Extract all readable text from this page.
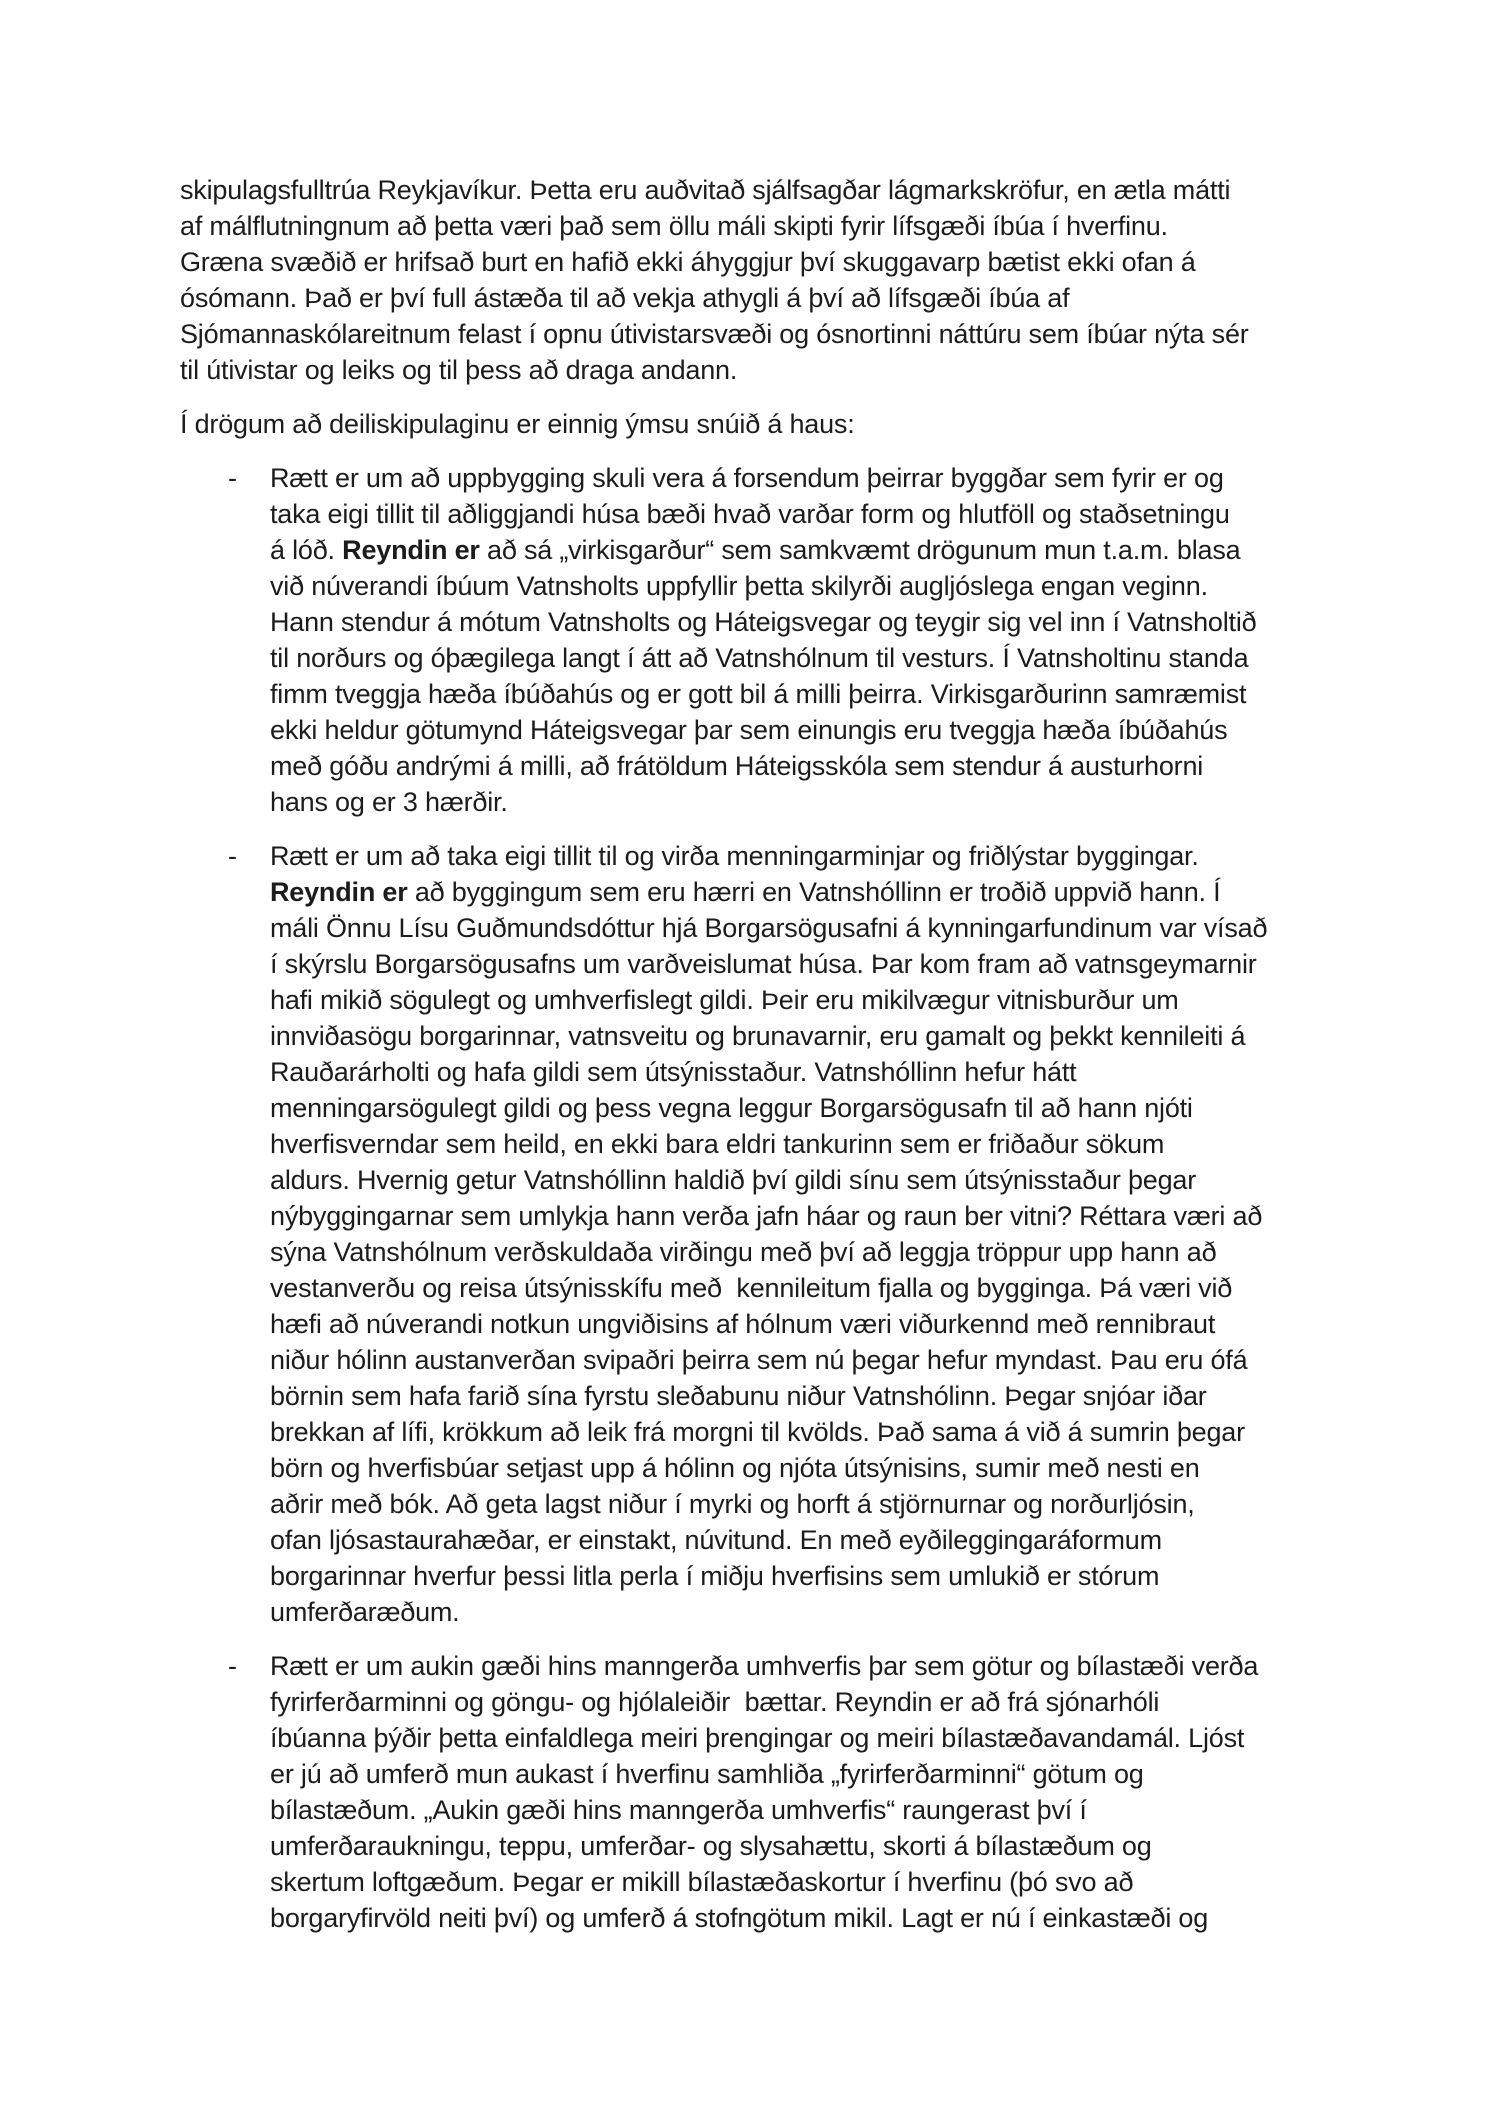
skipulagsfulltrúa Reykjavíkur. Þetta eru auðvitað sjálfsagðar lágmarkskröfur, en ætla mátti
af málflutningnum að þetta væri það sem öllu máli skipti fyrir lífsgæði íbúa í hverfinu.
Græna svæðið er hrifsað burt en hafið ekki áhyggjur því skuggavarp bætist ekki ofan á
ósómann. Það er því full ástæða til að vekja athygli á því að lífsgæði íbúa af
Sjómannaskólareitnum felast í opnu útivistarsvæði og ósnortinni náttúru sem íbúar nýta sér
til útivistar og leiks og til þess að draga andann.
Í drögum að deiliskipulaginu er einnig ýmsu snúið á haus:
- Rætt er um að uppbygging skuli vera á forsendum þeirrar byggðar sem fyrir er og
taka eigi tillit til aðliggjandi húsa bæði hvað varðar form og hlutföll og staðsetningu
á lóð. Reyndin er að sá „virkisgarður“ sem samkvæmt drögunum mun t.a.m. blasa
við núverandi íbúum Vatnsholts uppfyllir þetta skilyrði augljóslega engan veginn.
Hann stendur á mótum Vatnsholts og Háteigsvegar og teygir sig vel inn í Vatnsholtið
til norðurs og óþægilega langt í átt að Vatnshólnum til vesturs. Í Vatnsholtinu standa
fimm tveggja hæða íbúðahús og er gott bil á milli þeirra. Virkisgarðurinn samræmist
ekki heldur götumynd Háteigsvegar þar sem einungis eru tveggja hæða íbúðahús
með góðu andrými á milli, að frátöldum Háteigsskóla sem stendur á austurhorni
hans og er 3 hærðir.
- Rætt er um að taka eigi tillit til og virða menningarminjar og friðlýstar byggingar.
Reyndin er að byggingum sem eru hærri en Vatnshóllinn er troðið uppvið hann. Í
máli Önnu Lísu Guðmundsdóttur hjá Borgarsögusafni á kynningarfundinum var vísað
í skýrslu Borgarsögusafns um varðveislumat húsa. Þar kom fram að vatnsgeymarnir
hafi mikið sögulegt og umhverfislegt gildi. Þeir eru mikilvægur vitnisburður um
innviðasögu borgarinnar, vatnsveitu og brunavarnir, eru gamalt og þekkt kennileiti á
Rauðarárholti og hafa gildi sem útsýnisstaður. Vatnshóllinn hefur hátt
menningarsögulegt gildi og þess vegna leggur Borgarsögusafn til að hann njóti
hverfisverndar sem heild, en ekki bara eldri tankurinn sem er friðaður sökum
aldurs. Hvernig getur Vatnshóllinn haldið því gildi sínu sem útsýnisstaður þegar
nýbyggingarnar sem umlykja hann verða jafn háar og raun ber vitni? Réttara væri að
sýna Vatnshólnum verðskuldaða virðingu með því að leggja tröppur upp hann að
vestanverðu og reisa útsýnisskífu með  kennileitum fjalla og bygginga. Þá væri við
hæfi að núverandi notkun ungviðisins af hólnum væri viðurkennd með rennibraut
niður hólinn austanverðan svipaðri þeirra sem nú þegar hefur myndast. Þau eru ófá
börnin sem hafa farið sína fyrstu sleðabunu niður Vatnshólinn. Þegar snjóar iðar
brekkan af lífi, krökkum að leik frá morgni til kvölds. Það sama á við á sumrin þegar
börn og hverfisbúar setjast upp á hólinn og njóta útsýnisins, sumir með nesti en
aðrir með bók. Að geta lagst niður í myrki og horft á stjörnurnar og norðurljósin,
ofan ljósastaurahæðar, er einstakt, núvitund. En með eyðileggingaráformum
borgarinnar hverfur þessi litla perla í miðju hverfisins sem umlukið er stórum
umferðaræðum.
- Rætt er um aukin gæði hins manngerða umhverfis þar sem götur og bílastæði verða
fyrirferðarminni og göngu- og hjólaleiðir  bættar. Reyndin er að frá sjónarhóli
íbúanna þýðir þetta einfaldlega meiri þrengingar og meiri bílastæðavandamál. Ljóst
er jú að umferð mun aukast í hverfinu samhliða „fyrirferðarminni“ götum og
bílastæðum. „Aukin gæði hins manngerða umhverfis“ raungerast því í
umferðaraukningu, teppu, umferðar- og slysahættu, skorti á bílastæðum og
skertum loftgæðum. Þegar er mikill bílastæðaskortur í hverfinu (þó svo að
borgaryfirvöld neiti því) og umferð á stofngötum mikil. Lagt er nú í einkastæði og
